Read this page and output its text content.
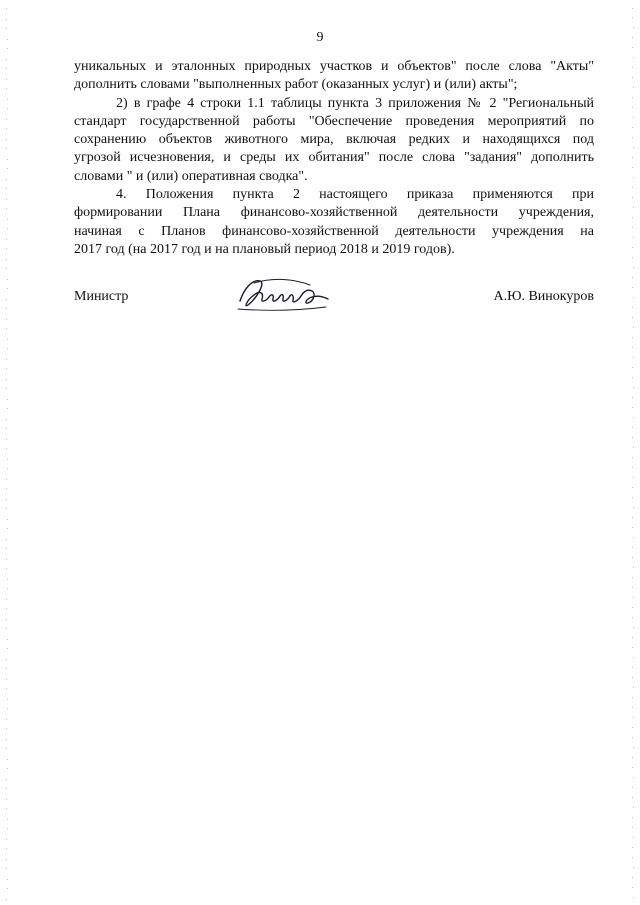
9

уникальных и эталонных природных участков и объектов" после слова "Акты"
дополнить словами "выполненных работ (оказанных услуг) и (или) акты";

2) в графе 4 строки 1.1 таблицы пункта 3 приложения № 2 "Региональный
стандарт государственной работы "Обеспечение проведения мероприятий по
сохранению объектов животного мира, включая редких и находящихся под
угрозой исчезновения, и среды их обитания" после слова "задания" дополнить
словами " и (или) оперативная сводка".

4. Положения пункта 2 настоящего приказа применяются при
формировании Плана финансово-хозяйственной деятельности учреждения,
начиная с Планов финансово-хозяйственной деятельности учреждения на
2017 год (на 2017 год и на плановый период 2018 и 2019 годов).

Министр	А.Ю. Винокуров
